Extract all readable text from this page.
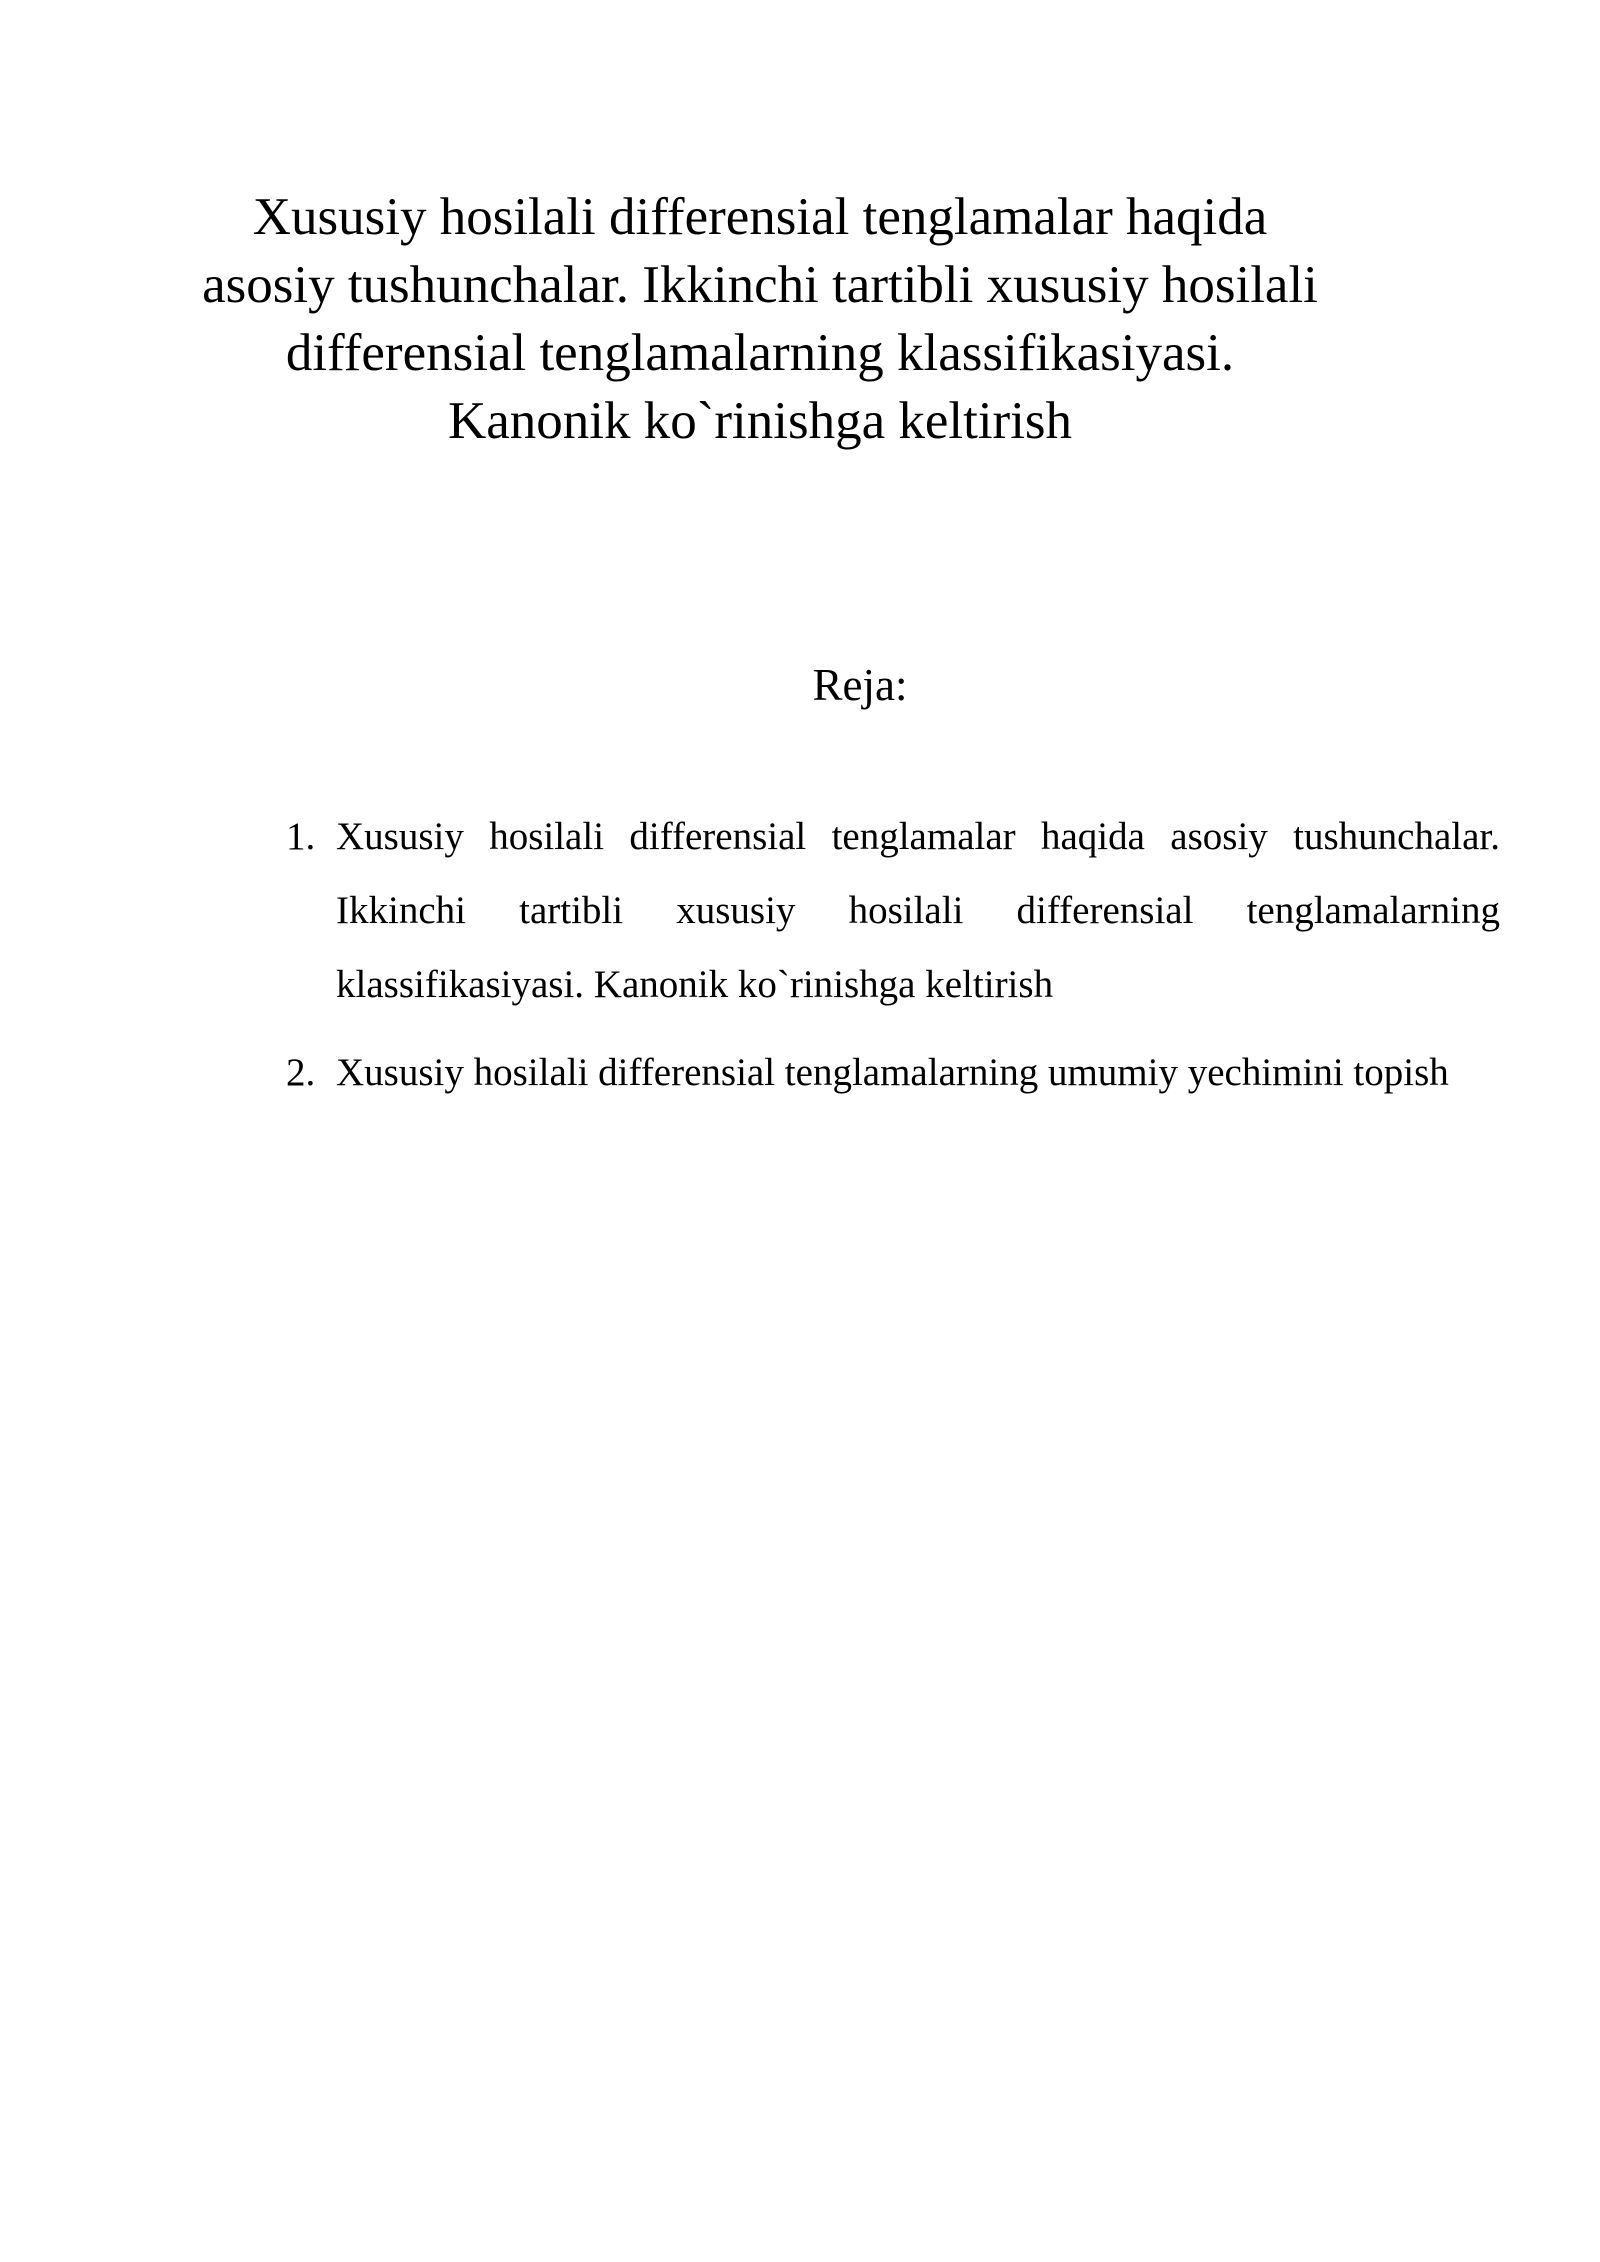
Xususiy hosilali differensial tenglamalar haqida
asosiy tushunchalar. Ikkinchi tartibli xususiy hosilali
differensial tenglamalarning klassifikasiyasi.
Kanonik ko`rinishga keltirish
Reja:
1. Xususiy hosilali differensial tenglamalar haqida asosiy tushunchalar. Ikkinchi tartibli xususiy hosilali differensial tenglamalarning klassifikasiyasi. Kanonik ko`rinishga keltirish
2. Xususiy hosilali differensial tenglamalarning umumiy yechimini topish
